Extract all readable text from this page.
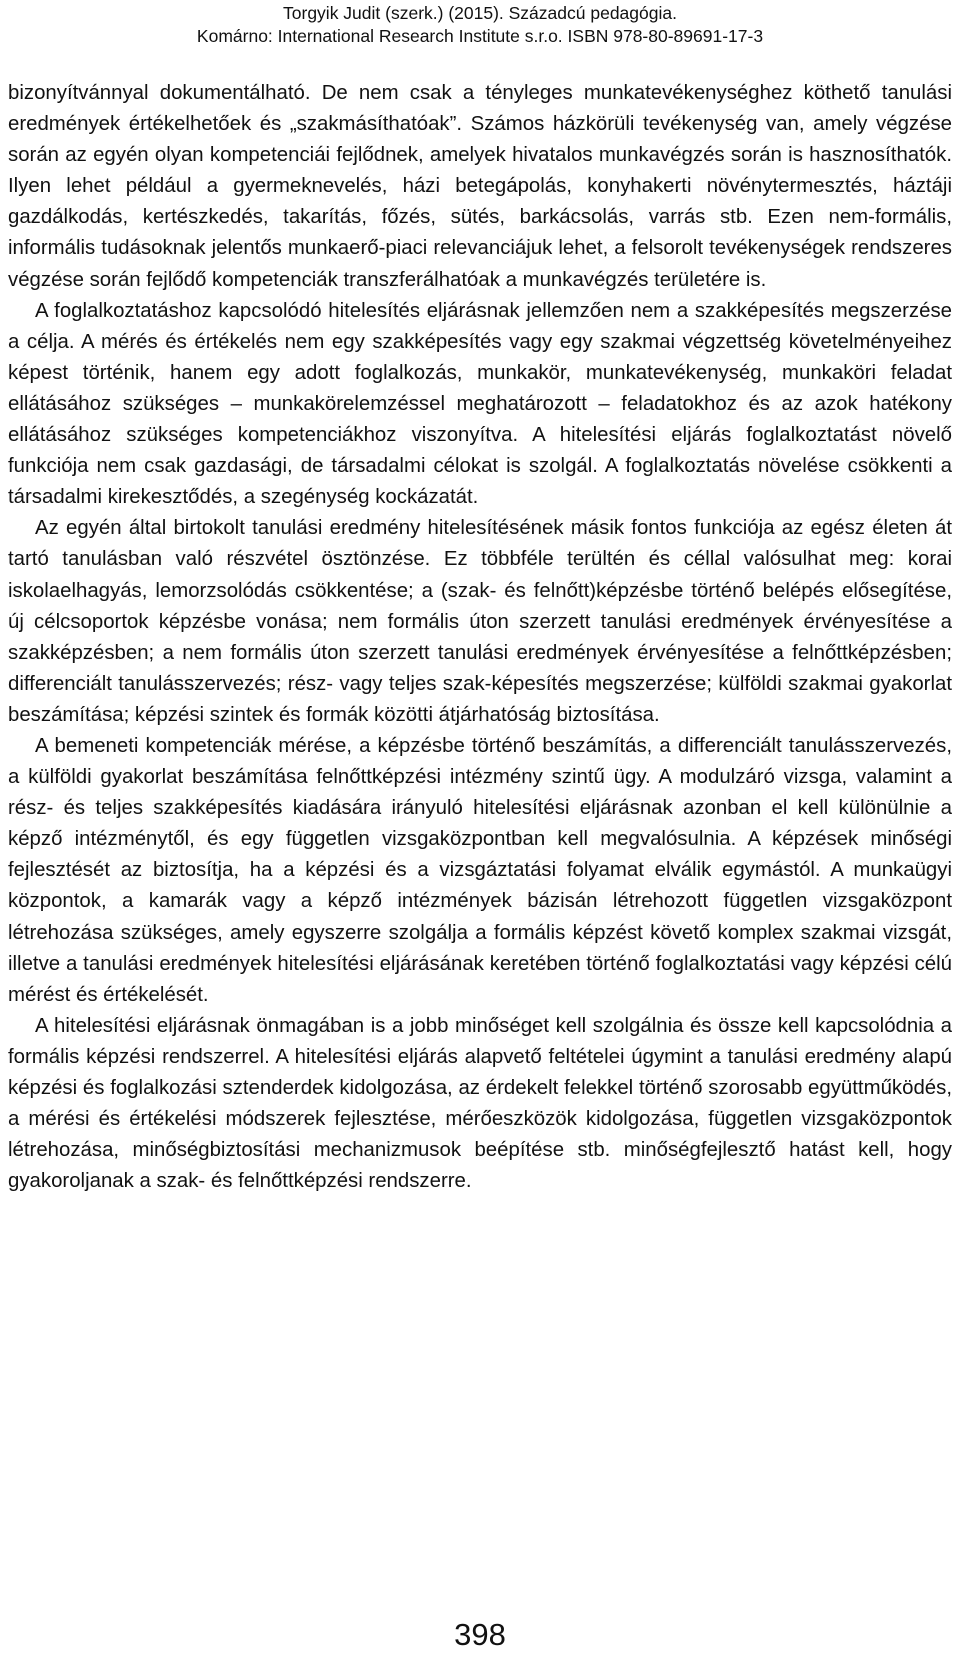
Torgyik Judit (szerk.) (2015). Századcú pedagógia.
Komárno: International Research Institute s.r.o. ISBN 978-80-89691-17-3

bizonyítvánnyal dokumentálható. De nem csak a tényleges munkatevékenységhez köthető tanulási eredmények értékelhetőek és „szakmásíthatóak”. Számos házkörüli tevékenység van, amely végzése során az egyén olyan kompetenciái fejlődnek, amelyek hivatalos munkavégzés során is hasznosíthatók. Ilyen lehet például a gyermeknevelés, házi betegápolás, konyhakerti növénytermesztés, háztáji gazdálkodás, kertészkedés, takarítás, főzés, sütés, barkácsolás, varrás stb. Ezen nem-formális, informális tudásoknak jelentős munkaerő-piaci relevanciájuk lehet, a felsorolt tevékenységek rendszeres végzése során fejlődő kompetenciák transzferálhatóak a munkavégzés területére is.

A foglalkoztatáshoz kapcsolódó hitelesítés eljárásnak jellemzően nem a szakképesítés megszerzése a célja. A mérés és értékelés nem egy szakképesítés vagy egy szakmai végzettség követelményeihez képest történik, hanem egy adott foglalkozás, munkakör, munkatevékenység, munkaköri feladat ellátásához szükséges – munkakörelemzéssel meghatározott – feladatokhoz és az azok hatékony ellátásához szükséges kompetenciákhoz viszonyítva. A hitelesítési eljárás foglalkoztatást növelő funkciója nem csak gazdasági, de társadalmi célokat is szolgál. A foglalkoztatás növelése csökkenti a társadalmi kirekesztődés, a szegénység kockázatát.

Az egyén által birtokolt tanulási eredmény hitelesítésének másik fontos funkciója az egész életen át tartó tanulásban való részvétel ösztönzése. Ez többféle terültén és céllal valósulhat meg: korai iskolaelhagyás, lemorzsolódás csökkentése; a (szak- és felnőtt)képzésbe történő belépés elősegítése, új célcsoportok képzésbe vonása; nem formális úton szerzett tanulási eredmények érvényesítése a szakképzésben; a nem formális úton szerzett tanulási eredmények érvényesítése a felnőttképzésben; differenciált tanulásszervezés; rész- vagy teljes szak-képesítés megszerzése; külföldi szakmai gyakorlat beszámítása; képzési szintek és formák közötti átjárhatóság biztosítása.

A bemeneti kompetenciák mérése, a képzésbe történő beszámítás, a differenciált tanulásszervezés, a külföldi gyakorlat beszámítása felnőttképzési intézmény szintű ügy. A modulzáró vizsga, valamint a rész- és teljes szakképesítés kiadására irányuló hitelesítési eljárásnak azonban el kell különülnie a képző intézménytől, és egy független vizsgaközpontban kell megvalósulnia. A képzések minőségi fejlesztését az biztosítja, ha a képzési és a vizsgáztatási folyamat elválik egymástól. A munkaügyi központok, a kamarák vagy a képző intézmények bázisán létrehozott független vizsgaközpont létrehozása szükséges, amely egyszerre szolgálja a formális képzést követő komplex szakmai vizsgát, illetve a tanulási eredmények hitelesítési eljárásának keretében történő foglalkoztatási vagy képzési célú mérést és értékelését.

A hitelesítési eljárásnak önmagában is a jobb minőséget kell szolgálnia és össze kell kapcsolódnia a formális képzési rendszerrel. A hitelesítési eljárás alapvető feltételei úgymint a tanulási eredmény alapú képzési és foglalkozási sztenderdek kidolgozása, az érdekelt felekkel történő szorosabb együttműködés, a mérési és értékelési módszerek fejlesztése, mérőeszközök kidolgozása, független vizsgaközpontok létrehozása, minőségbiztosítási mechanizmusok beépítése stb. minőségfejlesztő hatást kell, hogy gyakoroljanak a szak- és felnőttképzési rendszerre.

398
